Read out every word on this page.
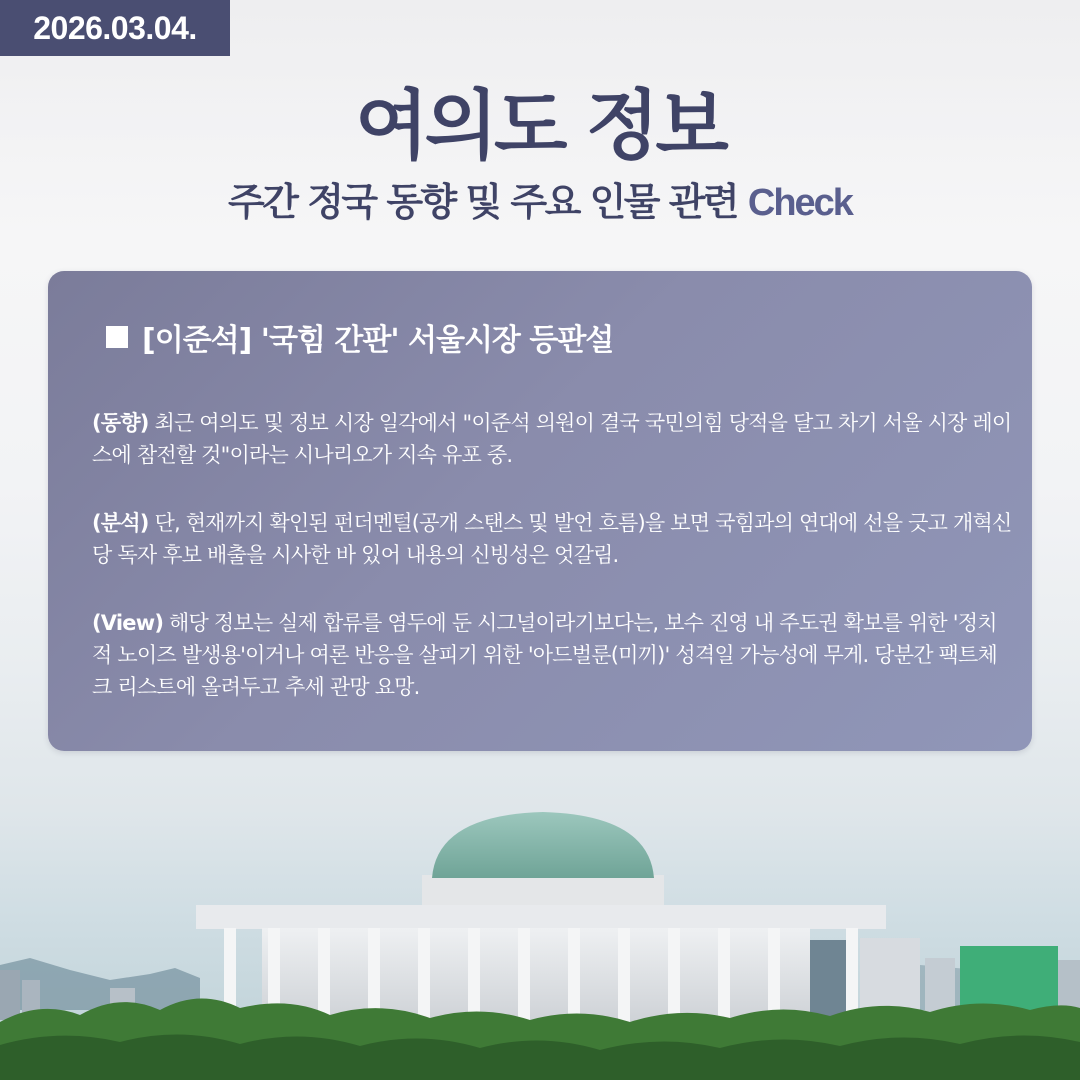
2026.03.04.
여의도 정보
주간 정국 동향 및 주요 인물 관련 Check
[이준석] '국힘 간판' 서울시장 등판설

(동향) 최근 여의도 및 정보 시장 일각에서 "이준석 의원이 결국 국민의힘 당적을 달고 차기 서울 시장 레이스에 참전할 것"이라는 시나리오가 지속 유포 중.

(분석) 단, 현재까지 확인된 펀더멘털(공개 스탠스 및 발언 흐름)을 보면 국힘과의 연대에 선을 긋고 개혁신당 독자 후보 배출을 시사한 바 있어 내용의 신빙성은 엇갈림.

(View) 해당 정보는 실제 합류를 염두에 둔 시그널이라기보다는, 보수 진영 내 주도권 확보를 위한 '정치적 노이즈 발생용'이거나 여론 반응을 살피기 위한 '아드벌룬(미끼)' 성격일 가능성에 무게. 당분간 팩트체크 리스트에 올려두고 추세 관망 요망.
